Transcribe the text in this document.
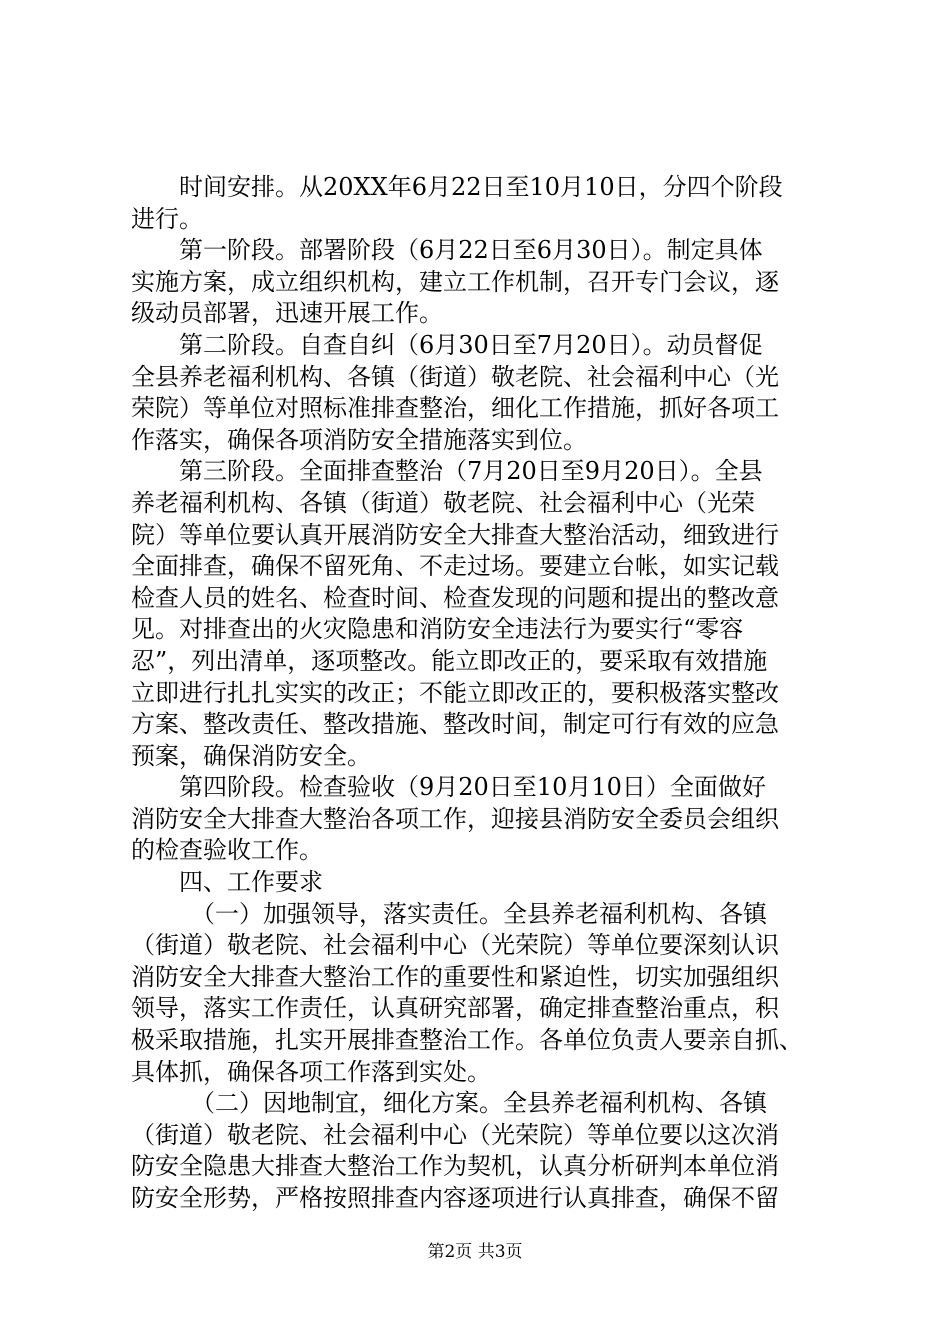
时间安排。从20XX年6月22日至10月10日，分四个阶段
进行。
第一阶段。部署阶段（6月22日至6月30日）。制定具体
实施方案，成立组织机构，建立工作机制，召开专门会议，逐
级动员部署，迅速开展工作。
第二阶段。自查自纠（6月30日至7月20日）。动员督促
全县养老福利机构、各镇（街道）敬老院、社会福利中心（光
荣院）等单位对照标准排查整治，细化工作措施，抓好各项工
作落实，确保各项消防安全措施落实到位。
第三阶段。全面排查整治（7月20日至9月20日）。全县
养老福利机构、各镇（街道）敬老院、社会福利中心（光荣
院）等单位要认真开展消防安全大排查大整治活动，细致进行
全面排查，确保不留死角、不走过场。要建立台帐，如实记载
检查人员的姓名、检查时间、检查发现的问题和提出的整改意
见。对排查出的火灾隐患和消防安全违法行为要实行“零容
忍”，列出清单，逐项整改。能立即改正的，要采取有效措施
立即进行扎扎实实的改正；不能立即改正的，要积极落实整改
方案、整改责任、整改措施、整改时间，制定可行有效的应急
预案，确保消防安全。
第四阶段。检查验收（9月20日至10月10日）全面做好
消防安全大排查大整治各项工作，迎接县消防安全委员会组织
的检查验收工作。
四、工作要求
（一）加强领导，落实责任。全县养老福利机构、各镇
（街道）敬老院、社会福利中心（光荣院）等单位要深刻认识
消防安全大排查大整治工作的重要性和紧迫性，切实加强组织
领导，落实工作责任，认真研究部署，确定排查整治重点，积
极采取措施，扎实开展排查整治工作。各单位负责人要亲自抓、
具体抓，确保各项工作落到实处。
（二）因地制宜，细化方案。全县养老福利机构、各镇
（街道）敬老院、社会福利中心（光荣院）等单位要以这次消
防安全隐患大排查大整治工作为契机，认真分析研判本单位消
防安全形势，严格按照排查内容逐项进行认真排查，确保不留
第2页 共3页
